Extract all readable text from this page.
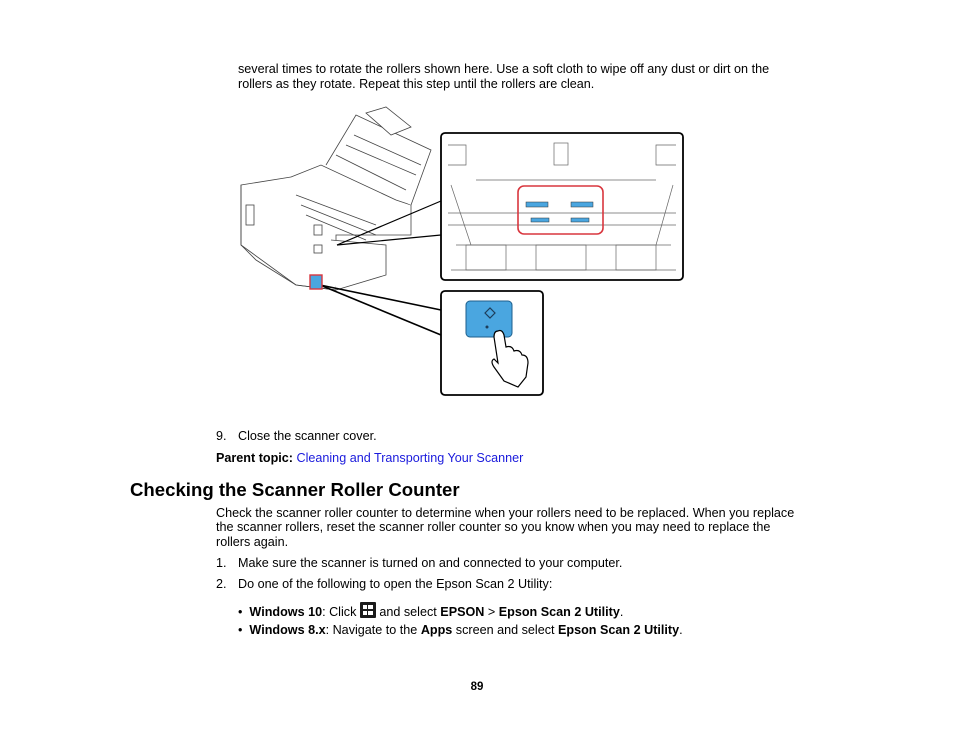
several times to rotate the rollers shown here. Use a soft cloth to wipe off any dust or dirt on the

rollers as they rotate. Repeat this step until the rollers are clean.

9. Close the scanner cover.

Parent topic: Cleaning and Transporting Your Scanner

Checking the Scanner Roller Counter

Check the scanner roller counter to determine when your rollers need to be replaced. When you replace

the scanner rollers, reset the scanner roller counter so you know when you may need to replace the

rollers again.

1. Make sure the scanner is turned on and connected to your computer.
2. Do one of the following to open the Epson Scan 2 Utility:
• Windows 10: Click
and select EPSON > Epson Scan 2 Utility.
• Windows 8.x: Navigate to the Apps screen and select Epson Scan 2 Utility.
89
